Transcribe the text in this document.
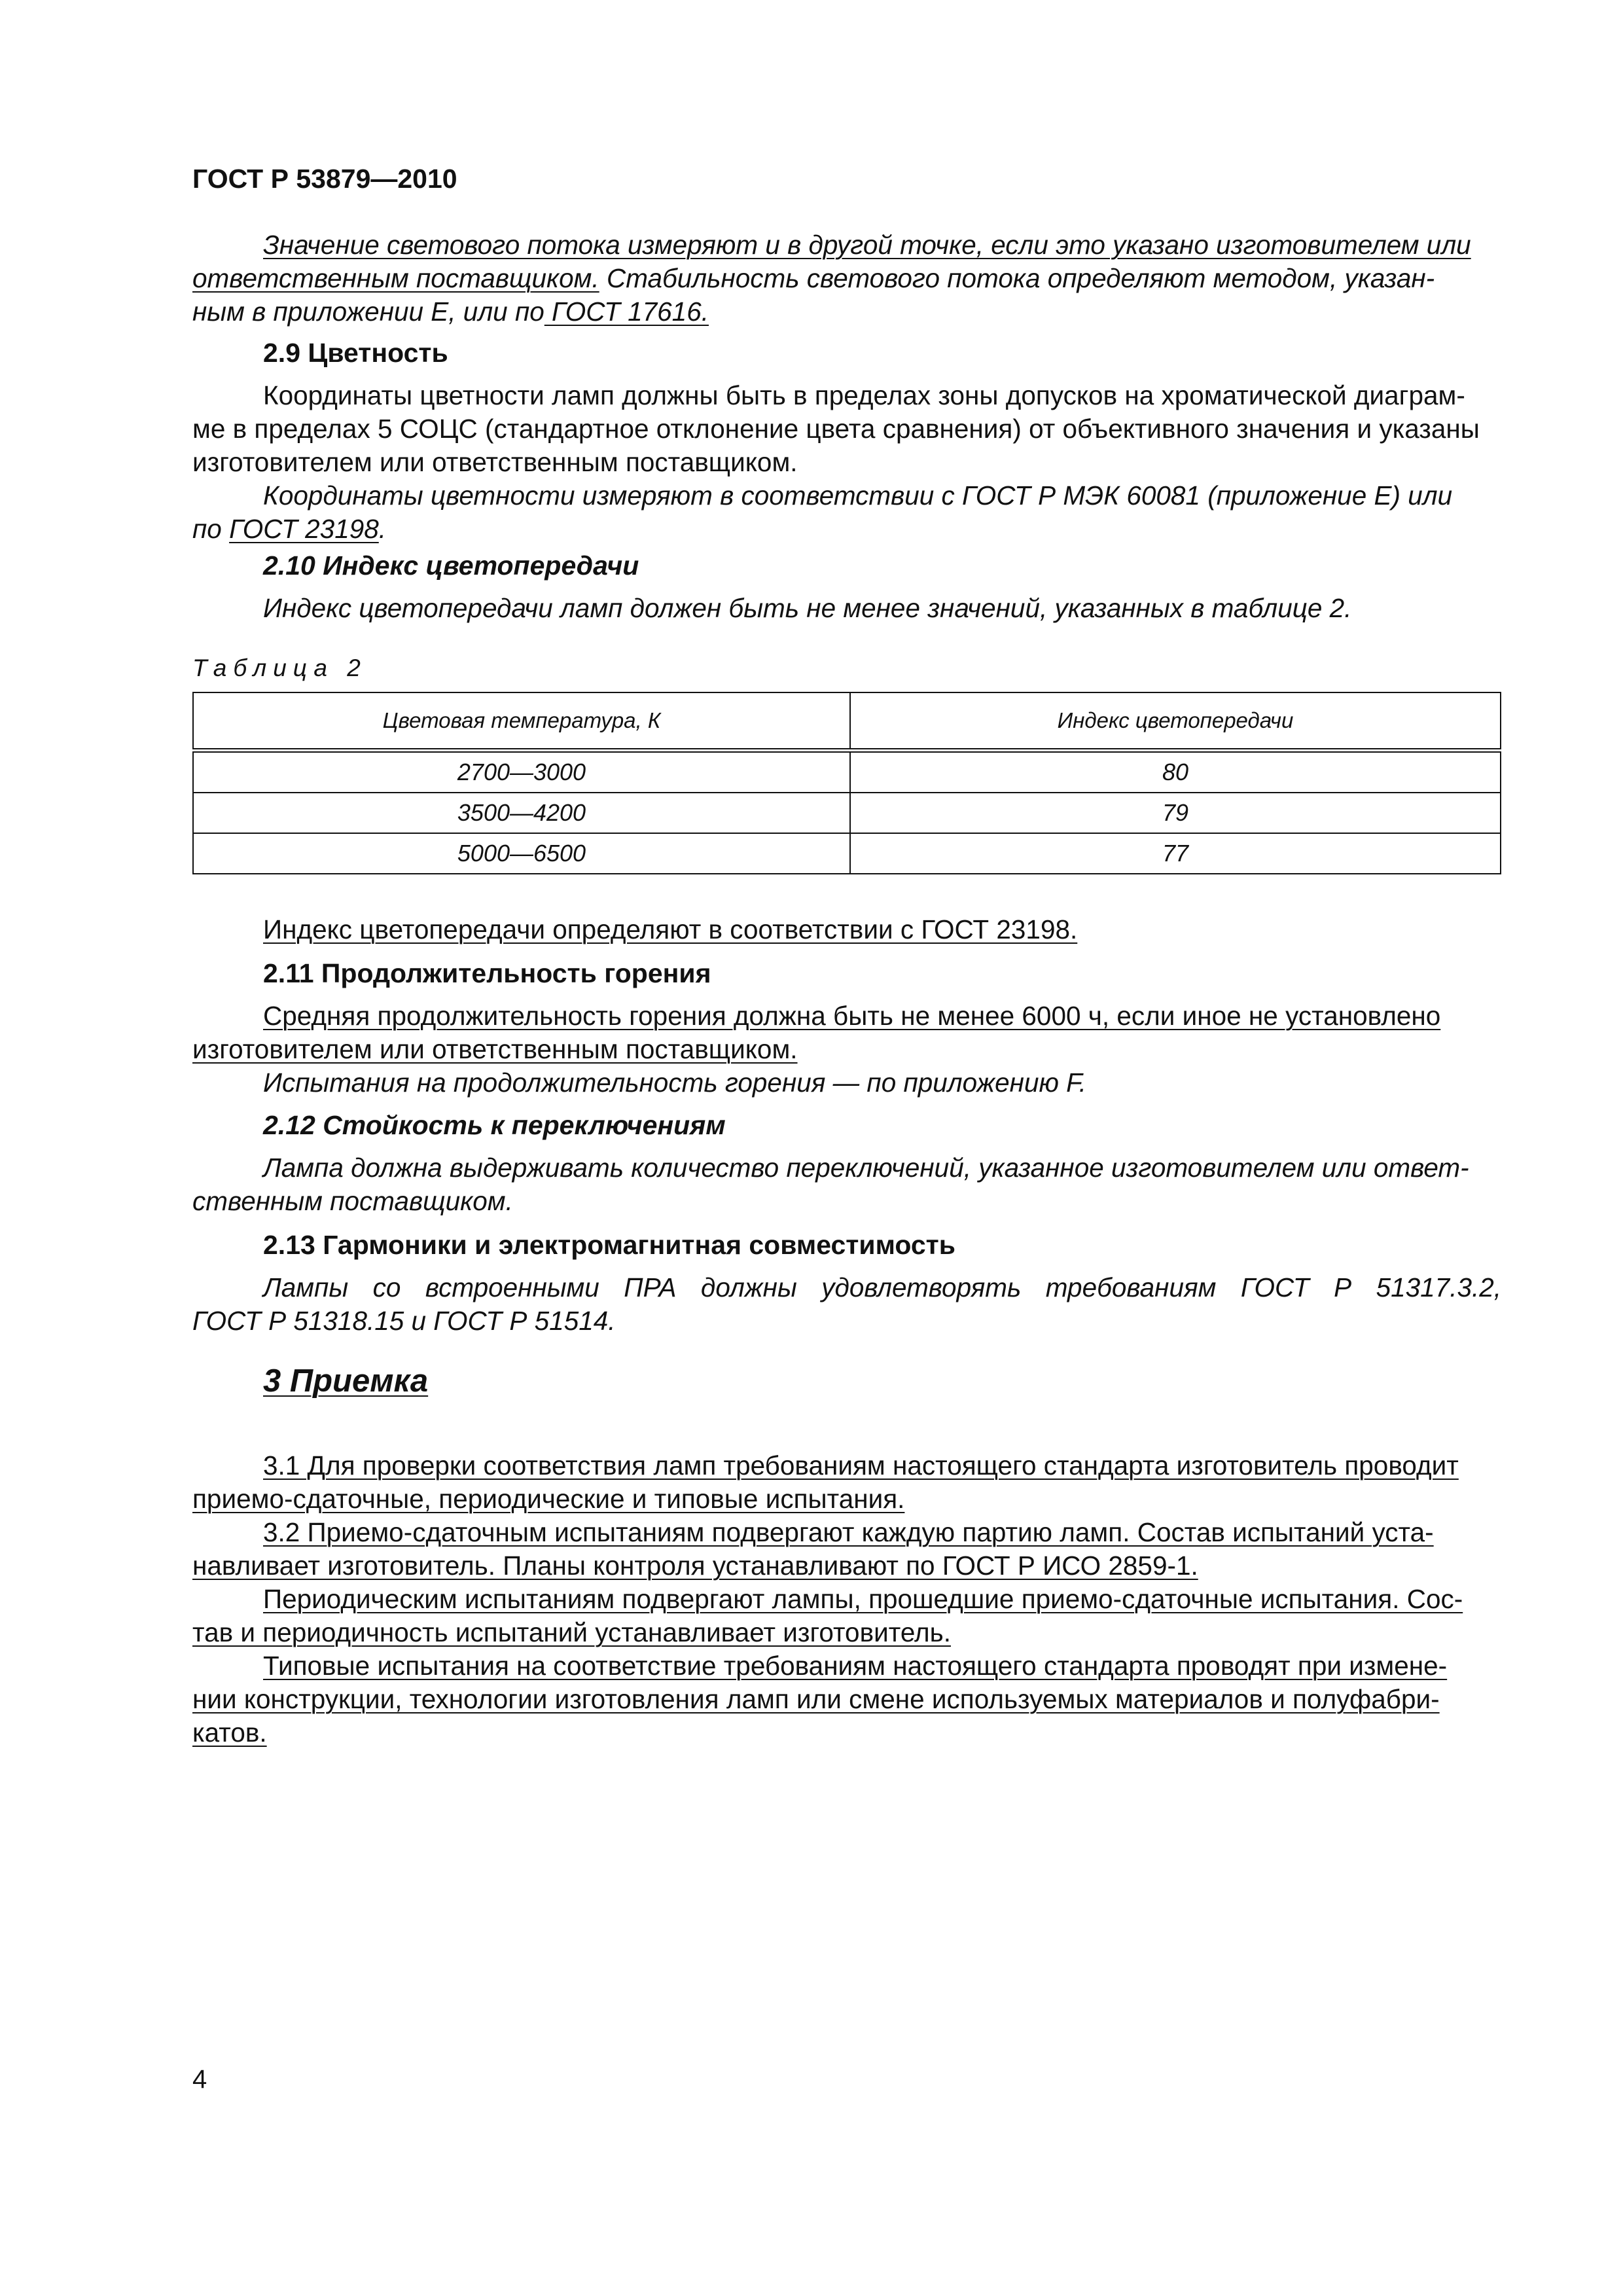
ГОСТ Р 53879—2010
Значение светового потока измеряют и в другой точке, если это указано изготовителем или
ответственным поставщиком. Стабильность светового потока определяют методом, указан-
ным в приложении Е, или по ГОСТ 17616.
2.9 Цветность
Координаты цветности ламп должны быть в пределах зоны допусков на хроматической диаграм-
ме в пределах 5 СОЦС (стандартное отклонение цвета сравнения) от объективного значения и указаны
изготовителем или ответственным поставщиком.
Координаты цветности измеряют в соответствии с ГОСТ Р МЭК 60081 (приложение Е) или
по ГОСТ 23198.
2.10 Индекс цветопередачи
Индекс цветопередачи ламп должен быть не менее значений, указанных в таблице 2.
Таблица 2
Цветовая температура, К	Индекс цветопередачи
2700—3000	80
3500—4200	79
5000—6500	77
Индекс цветопередачи определяют в соответствии с ГОСТ 23198.
2.11 Продолжительность горения
Средняя продолжительность горения должна быть не менее 6000 ч, если иное не установлено
изготовителем или ответственным поставщиком.
Испытания на продолжительность горения — по приложению F.
2.12 Стойкость к переключениям
Лампа должна выдерживать количество переключений, указанное изготовителем или ответ-
ственным поставщиком.
2.13 Гармоники и электромагнитная совместимость
Лампы со встроенными ПРА должны удовлетворять требованиям ГОСТ Р 51317.3.2,
ГОСТ Р 51318.15 и ГОСТ Р 51514.
3 Приемка
3.1 Для проверки соответствия ламп требованиям настоящего стандарта изготовитель проводит
приемо-сдаточные, периодические и типовые испытания.
3.2 Приемо-сдаточным испытаниям подвергают каждую партию ламп. Состав испытаний уста-
навливает изготовитель. Планы контроля устанавливают по ГОСТ Р ИСО 2859-1.
Периодическим испытаниям подвергают лампы, прошедшие приемо-сдаточные испытания. Сос-
тав и периодичность испытаний устанавливает изготовитель.
Типовые испытания на соответствие требованиям настоящего стандарта проводят при измене-
нии конструкции, технологии изготовления ламп или смене используемых материалов и полуфабри-
катов.
4
